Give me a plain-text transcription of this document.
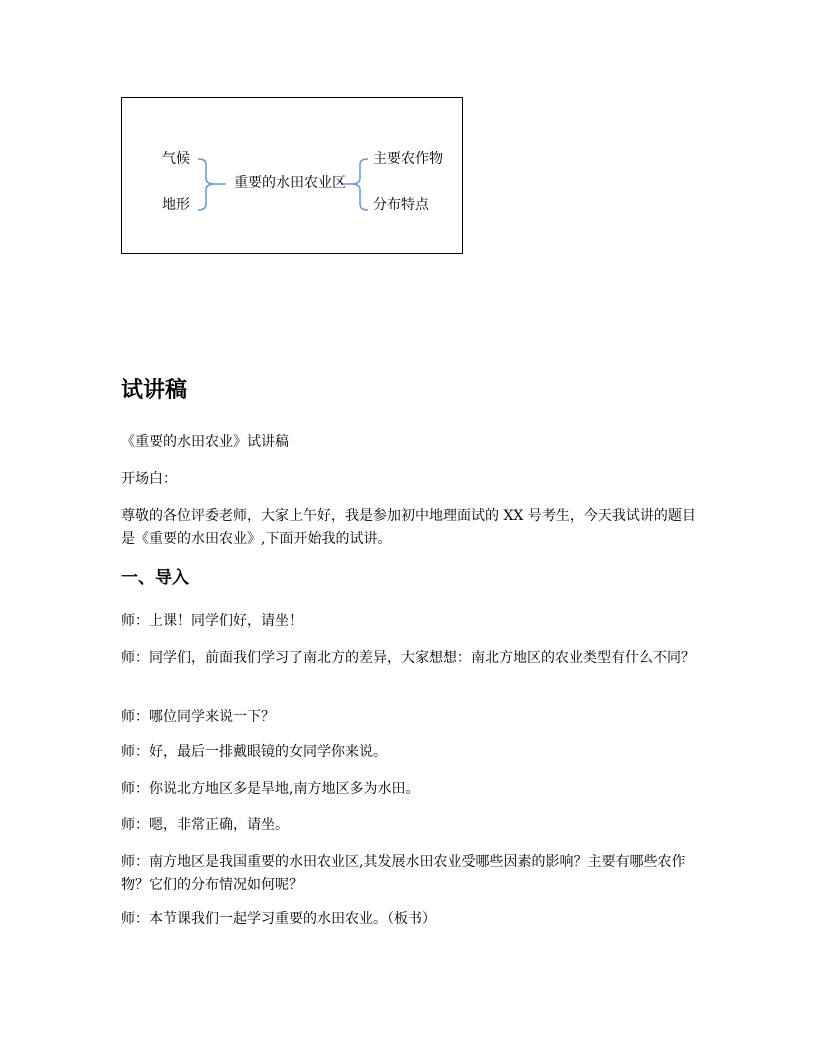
气候
地形
重要的水田农业区
主要农作物
分布特点
试讲稿

《重要的水田农业》试讲稿

开场白：

尊敬的各位评委老师，大家上午好，我是参加初中地理面试的 XX 号考生，今天我试讲的题目是《重要的水田农业》,下面开始我的试讲。

一、导入

师：上课！同学们好，请坐！

师：同学们，前面我们学习了南北方的差异，大家想想：南北方地区的农业类型有什么不同？

师：哪位同学来说一下？

师：好，最后一排戴眼镜的女同学你来说。

师：你说北方地区多是旱地,南方地区多为水田。

师：嗯，非常正确，请坐。

师：南方地区是我国重要的水田农业区,其发展水田农业受哪些因素的影响？主要有哪些农作物？它们的分布情况如何呢？

师：本节课我们一起学习重要的水田农业。（板书）
